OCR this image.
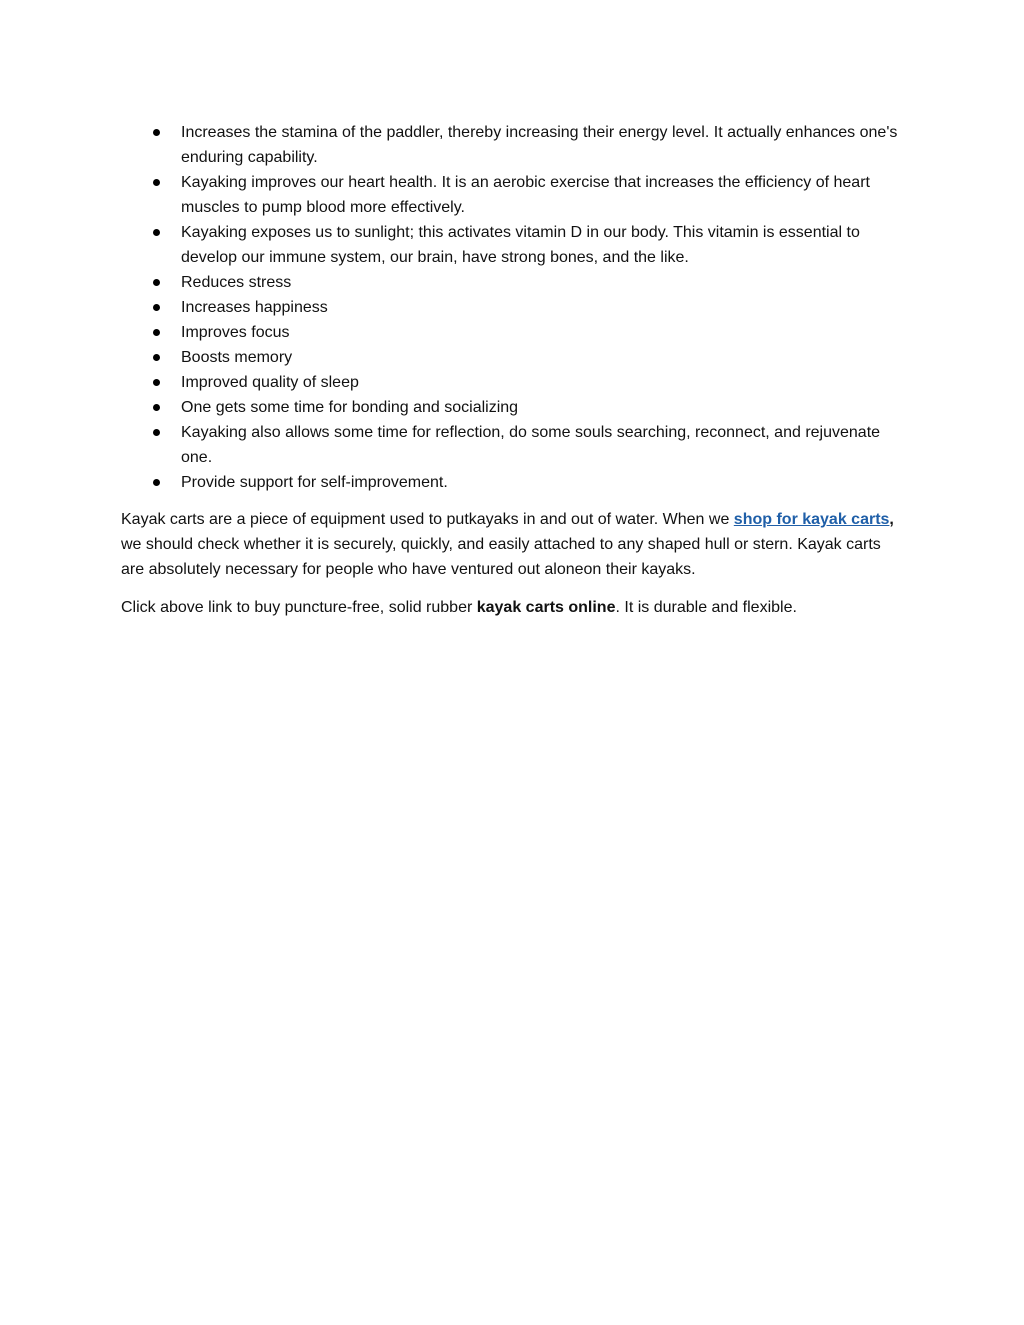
Increases the stamina of the paddler, thereby increasing their energy level. It actually enhances one's enduring capability.
Kayaking improves our heart health. It is an aerobic exercise that increases the efficiency of heart muscles to pump blood more effectively.
Kayaking exposes us to sunlight; this activates vitamin D in our body. This vitamin is essential to develop our immune system, our brain, have strong bones, and the like.
Reduces stress
Increases happiness
Improves focus
Boosts memory
Improved quality of sleep
One gets some time for bonding and socializing
Kayaking also allows some time for reflection, do some souls searching, reconnect, and rejuvenate one.
Provide support for self-improvement.

Kayak carts are a piece of equipment used to putkayaks in and out of water. When we shop for kayak carts, we should check whether it is securely, quickly, and easily attached to any shaped hull or stern. Kayak carts are absolutely necessary for people who have ventured out aloneon their kayaks.

Click above link to buy puncture-free, solid rubber kayak carts online. It is durable and flexible.
